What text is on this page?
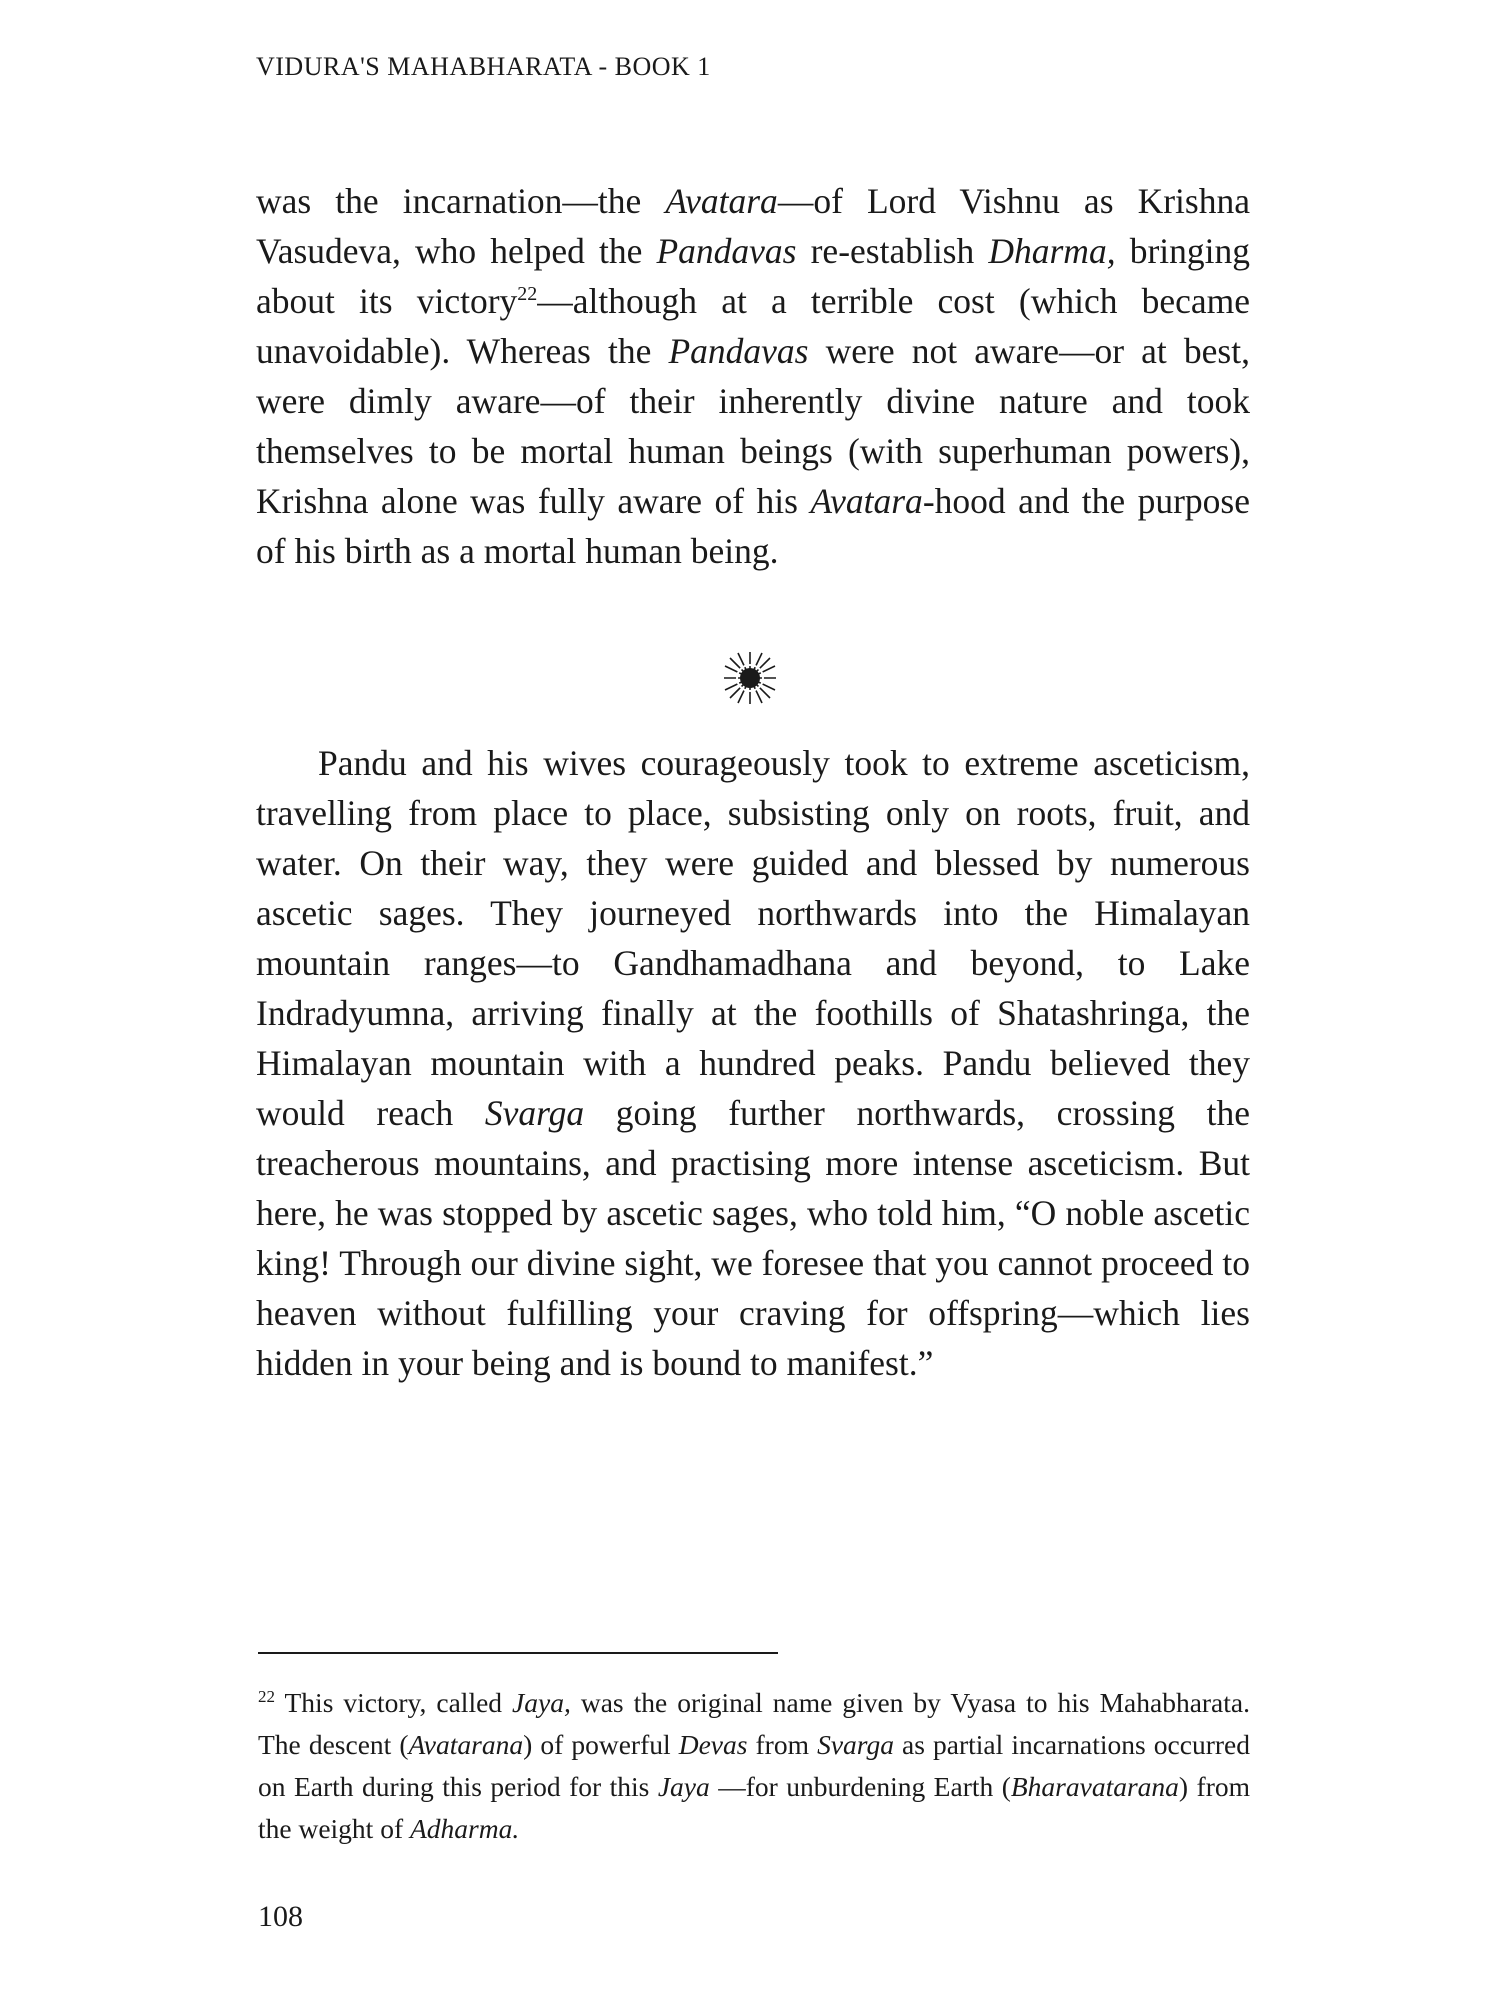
VIDURA'S MAHABHARATA - BOOK 1

was the incarnation—the Avatara—of Lord Vishnu as Krishna Vasudeva, who helped the Pandavas re-establish Dharma, bringing about its victory$^{22}$—although at a terrible cost (which became unavoidable). Whereas the Pandavas were not aware—or at best, were dimly aware—of their inherently divine nature and took themselves to be mortal human beings (with superhuman powers), Krishna alone was fully aware of his Avatara-hood and the purpose of his birth as a mortal human being.

Pandu and his wives courageously took to extreme asceticism, travelling from place to place, subsisting only on roots, fruit, and water. On their way, they were guided and blessed by numerous ascetic sages. They journeyed northwards into the Himalayan mountain ranges—to Gandhamadhana and beyond, to Lake Indradyumna, arriving finally at the foothills of Shatashringa, the Himalayan mountain with a hundred peaks. Pandu believed they would reach Svarga going further northwards, crossing the treacherous mountains, and practising more intense asceticism. But here, he was stopped by ascetic sages, who told him, “O noble ascetic king! Through our divine sight, we foresee that you cannot proceed to heaven without fulfilling your craving for offspring—which lies hidden in your being and is bound to manifest.”

$^{22}$ This victory, called Jaya, was the original name given by Vyasa to his Mahabharata. The descent (Avatarana) of powerful Devas from Svarga as partial incarnations occurred on Earth during this period for this Jaya —for unburdening Earth (Bharavatarana) from the weight of Adharma.

108
